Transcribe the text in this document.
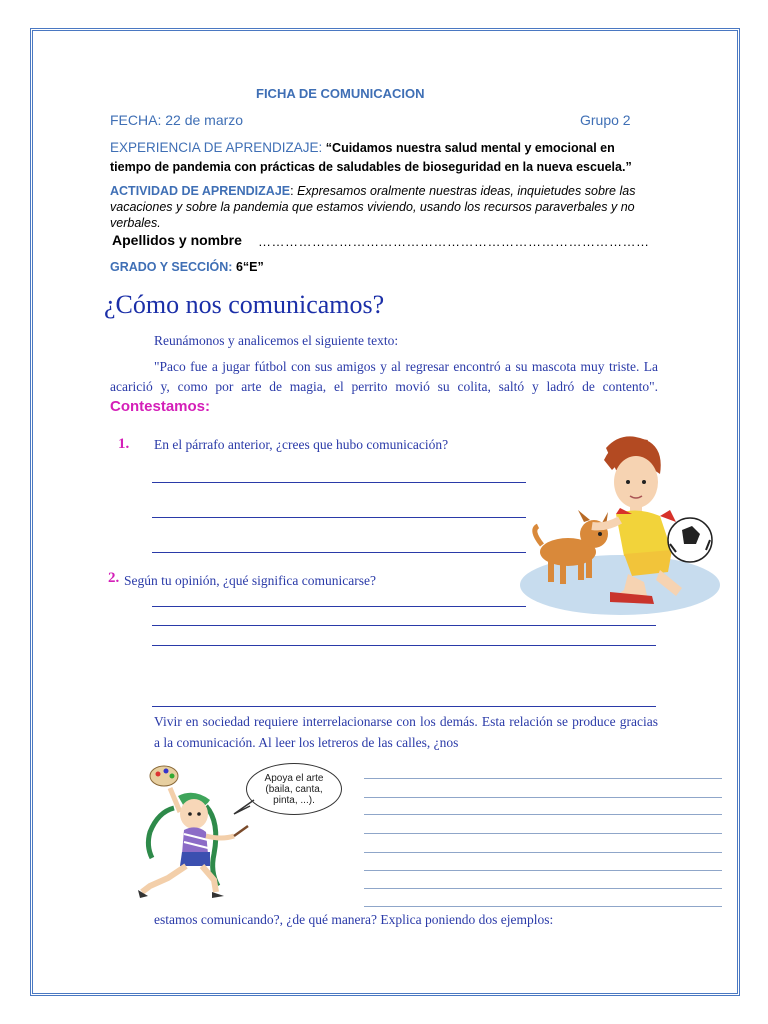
FICHA DE COMUNICACION
FECHA: 22 de marzo	Grupo 2
EXPERIENCIA DE APRENDIZAJE: “Cuidamos nuestra salud mental y emocional en tiempo de pandemia con prácticas de saludables de bioseguridad en la nueva escuela.”
ACTIVIDAD DE APRENDIZAJE: Expresamos oralmente nuestras ideas, inquietudes sobre las vacaciones y sobre la pandemia que estamos viviendo, usando los recursos paraverbales y no verbales.
Apellidos y nombre ……………………………………………………………………………
GRADO Y SECCIÓN: 6“E”
¿Cómo nos comunicamos?
Reunámonos y analicemos el siguiente texto:
"Paco fue a jugar fútbol con sus amigos y al regresar encontró a su mascota muy triste. La acarició y, como por arte de magia, el perrito movió su colita, saltó y ladró de contento". Contestamos:
1. En el párrafo anterior, ¿crees que hubo comunicación?
2. Según tu opinión, ¿qué significa comunicarse?
Vivir en sociedad requiere interrelacionarse con los demás. Esta relación se produce gracias a la comunicación. Al leer los letreros de las calles, ¿nos
Apoya el arte
(baila, canta,
pinta, ...).
estamos comunicando?, ¿de qué manera? Explica poniendo dos ejemplos:
